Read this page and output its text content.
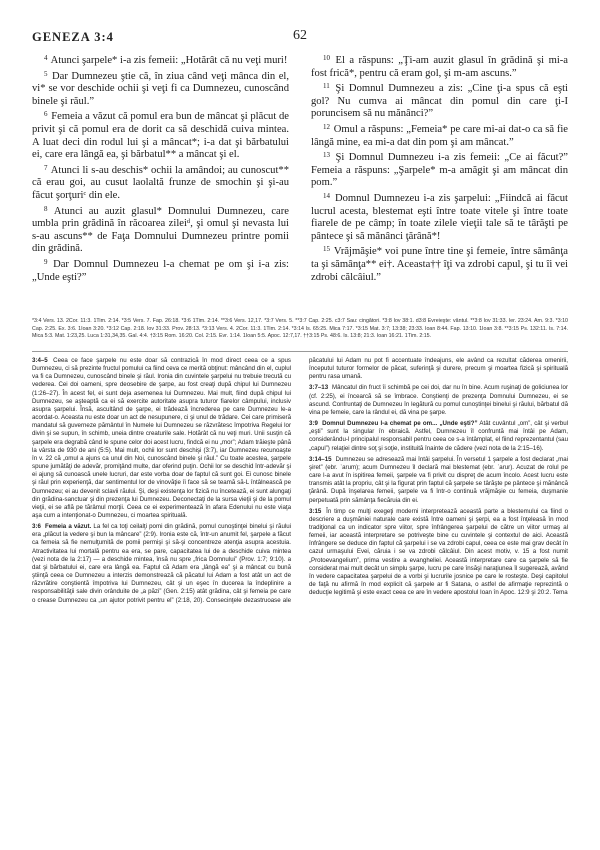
GENEZA 3:4	62

$^4$ Atunci şarpele* i-a zis femeii: „Hotărât că nu veţi muri!

$^5$ Dar Dumnezeu ştie că, în ziua când veţi mânca din el, vi* se vor deschide ochii şi veţi fi ca Dumnezeu, cunoscând binele şi răul.”

$^6$ Femeia a văzut că pomul era bun de mâncat şi plăcut de privit şi că pomul era de dorit ca să deschidă cuiva mintea. A luat deci din rodul lui şi a mâncat*; i-a dat şi bărbatului ei, care era lângă ea, şi bărbatul** a mâncat şi el.

$^7$ Atunci li s-au deschis* ochii la amândoi; au cunoscut** că erau goi, au cusut laolaltă frunze de smochin şi şi-au făcut şorţuriᶜ din ele.

$^8$ Atunci au auzit glasul* Domnului Dumnezeu, care umbla prin grădină în răcoarea zileiᵈ, şi omul şi nevasta lui s-au ascuns** de Faţa Domnului Dumnezeu printre pomii din grădină.

$^9$ Dar Domnul Dumnezeu l-a chemat pe om şi i-a zis: „Unde eşti?”

$^{10}$ El a răspuns: „Ţi-am auzit glasul în grădină şi mi-a fost frică*, pentru că eram gol, şi m-am ascuns.”

$^{11}$ Şi Domnul Dumnezeu a zis: „Cine ţi-a spus că eşti gol? Nu cumva ai mâncat din pomul din care ţi-I poruncisem să nu mănânci?”

$^{12}$ Omul a răspuns: „Femeia* pe care mi-ai dat-o ca să fie lângă mine, ea mi-a dat din pom şi am mâncat.”

$^{13}$ Şi Domnul Dumnezeu i-a zis femeii: „Ce ai făcut?” Femeia a răspuns: „Şarpele* m-a amăgit şi am mâncat din pom.”

$^{14}$ Domnul Dumnezeu i-a zis şarpelui: „Fiindcă ai făcut lucrul acesta, blestemat eşti între toate vitele şi între toate fiarele de pe câmp; în toate zilele vieţii tale să te târăşti pe pântece şi să mănânci ţărână*!

$^{15}$ Vrăjmăşie* voi pune între tine şi femeie, între sămânţa ta şi sămânţa** ei†. Aceasta†† îţi va zdrobi capul, şi tu îi vei zdrobi călcâiul.”

*3:4 Vers. 13. 2Cor. 11:3. 1Tim. 2:14. *3:5 Vers. 7. Fap. 26:18. *3:6 1Tim. 2:14. **3:6 Vers. 12,17. *3:7 Vers. 5. **3:7 Cap. 2:25. c3:7 Sau: cingători. *3:8 Iov 38:1. d3:8 Evreieşte: vântul. **3:8 Iov 31:33. Ier. 23:24. Am. 9:3. *3:10 Cap. 2:25. Ex. 3:6. 1Ioan 3:20. *3:12 Cap. 2:18. Iov 31:33. Prov. 28:13. *3:13 Vers. 4. 2Cor. 11:3. 1Tim. 2:14. *3:14 Is. 65:25. Mica 7:17. *3:15 Mat. 3:7; 13:38; 23:33. Ioan 8:44. Fap. 13:10. 1Ioan 3:8. **3:15 Ps. 132:11. Is. 7:14. Mica 5:3. Mat. 1:23,25. Luca 1:31,34,35. Gal. 4:4. †3:15 Rom. 16:20. Col. 2:15. Evr. 1:14. 1Ioan 5:5. Apoc. 12:7,17. ††3:15 Ps. 48:6. Is. 13:8; 21:3. Ioan 16:21. 1Tim. 2:15.

3:4–5 Ceea ce face şarpele nu este doar să contrazică în mod direct ceea ce a spus Dumnezeu, ci să prezinte fructul pomului ca fiind ceva ce merită obţinut: mâncând din el, cuplul va fi ca Dumnezeu, cunoscând binele şi răul. Ironia din cuvintele şarpelui nu trebuie trecută cu vederea. Cei doi oameni, spre deosebire de şarpe, au fost creaţi după chipul lui Dumnezeu (1:26–27). În acest fel, ei sunt deja asemenea lui Dumnezeu. Mai mult, fiind după chipul lui Dumnezeu, se aşteaptă ca ei să exercite autoritate asupra tuturor fiarelor câmpului, inclusiv asupra şarpelui. Însă, ascultând de şarpe, ei trădează încrederea pe care Dumnezeu le-a acordat-o. Aceasta nu este doar un act de nesupunere, ci şi unul de trădare. Cei care primiseră mandatul să guverneze pământul în Numele lui Dumnezeu se răzvrătesc împotriva Regelui lor divin şi se supun, în schimb, uneia dintre creaturile sale. Hotărât că nu veţi muri. Unii susţin că şarpele era degrabă când le spune celor doi acest lucru, findcă ei nu „mor”; Adam trăieşte până la vârsta de 930 de ani (5:5). Mai mult, ochii lor sunt deschişi (3:7), iar Dumnezeu recunoaşte în v. 22 că „omul a ajuns ca unul din Noi, cunoscând binele şi răul.” Cu toate acestea, şarpele spune jumătăţi de adevăr, promiţând multe, dar oferind puţin. Ochii lor se deschid într-adevăr şi ei ajung să cunoască unele lucruri, dar este vorba doar de faptul că sunt goi. Ei cunosc binele şi răul prin experienţă, dar sentimentul lor de vinovăţie îi face să se teamă să-L întâlnească pe Dumnezeu; ei au devenit sclavii răului. Şi, deşi existenţa lor fizică nu încetează, ei sunt alungaţi din grădina-sanctuar şi din prezenţa lui Dumnezeu. Deconectaţi de la sursa vieţii şi de la pomul vieţii, ei se află pe tărâmul morţii. Ceea ce ei experimentează în afara Edenului nu este viaţa aşa cum a intenţionat-o Dumnezeu, ci moartea spirituală.

3:6 Femeia a văzut. La fel ca toţi ceilalţi pomi din grădină, pomul cunoştinţei binelui şi răului era „plăcut la vedere şi bun la mâncare” (2:9). Ironia este că, într-un anumit fel, şarpele a făcut ca femeia să fie nemulţumită de pomii permişi şi să-şi concentreze atenţia asupra acestuia. Atractivitatea lui mortală pentru ea era, se pare, capacitatea lui de a deschide cuiva mintea (vezi nota de la 2:17) — a deschide mintea, însă nu spre „frica Domnului” (Prov. 1:7; 9:10). a dat şi bărbatului ei, care era lângă ea. Faptul că Adam era „lângă ea” şi a mâncat cu bună ştiinţă ceea ce Dumnezeu a interzis demonstrează că păcatul lui Adam a fost atât un act de răzvrătire conştientă împotriva lui Dumnezeu, cât şi un eşec în ducerea la îndeplinire a responsabilităţii sale divin orânduite de „a păzi” (Gen. 2:15) atât grădina, cât şi femeia pe care o crease Dumnezeu ca „un ajutor potrivit pentru el” (2:18, 20). Consecinţele dezastruoase ale păcatului lui Adam nu pot fi accentuate îndeajuns, ele având ca rezultat căderea omenirii, începutul tuturor formelor de păcat, suferinţă şi durere, precum şi moartea fizică şi spirituală pentru rasa umană.

3:7–13 Mâncatul din fruct îi schimbă pe cei doi, dar nu în bine. Acum ruşinaţi de goliciunea lor (cf. 2:25), ei încearcă să se îmbrace. Conştienţi de prezenţa Domnului Dumnezeu, ei se ascund. Confruntaţi de Dumnezeu în legătură cu pomul cunoştinţei binelui şi răului, bărbatul dă vina pe femeie, care la rândul ei, dă vina pe şarpe.

3:9 Domnul Dumnezeu l-a chemat pe om... „Unde eşti?” Atât cuvântul „om”, cât şi verbul „eşti” sunt la singular în ebraică. Astfel, Dumnezeu îl confruntă mai întâi pe Adam, considerându-l principalul responsabil pentru ceea ce s-a întâmplat, el fiind reprezentantul (sau „capul”) relaţiei dintre soţ şi soţie, instituită înainte de cădere (vezi nota de la 2:15–16).

3:14–15 Dumnezeu se adresează mai întâi şarpelui. În versetul 1 şarpele a fost declarat „mai şiret” (ebr. ʿarum); acum Dumnezeu îl declară mai blestemat (ebr. ʾarur). Acuzat de rolul pe care l-a avut în ispitirea femeii, şarpele va fi privit cu dispreţ de acum încolo. Acest lucru este transmis atât la propriu, cât şi la figurat prin faptul că şarpele se târăşte pe pântece şi mănâncă ţărână. După înşelarea femeii, şarpele va fi într-o continuă vrăjmăşie cu femeia, duşmanie perpetuată prin sămânţa fiecăruia din ei.

3:15 În timp ce mulţi exegeţi moderni interpretează această parte a blestemului ca fiind o descriere a duşmăniei naturale care există între oameni şi şerpi, ea a fost înţeleasă în mod tradiţional ca un indicator spre viitor, spre înfrângerea şarpelui de către un viitor urmaş al femeii, iar această interpretare se potriveşte bine cu cuvintele şi contextul de aici. Această înfrângere se deduce din faptul că şarpelui i se va zdrobi capul, ceea ce este mai grav decât în cazul urmaşului Evei, căruia i se va zdrobi călcâiul. Din acest motiv, v. 15 a fost numit „Protoevangelium”, prima vestire a evangheliei. Această interpretare care ca şarpele să fie considerat mai mult decât un simplu şarpe, lucru pe care însăşi naraţiunea îl sugerează, având în vedere capacitatea şarpelui de a vorbi şi lucrurile josnice pe care le rosteşte. Deşi capitolul de faţă nu afirmă în mod explicit că şarpele ar fi Satana, o astfel de afirmaţie reprezintă o deducţie legitimă şi este exact ceea ce are în vedere apostolul Ioan în Apoc. 12:9 şi 20:2. Tema
